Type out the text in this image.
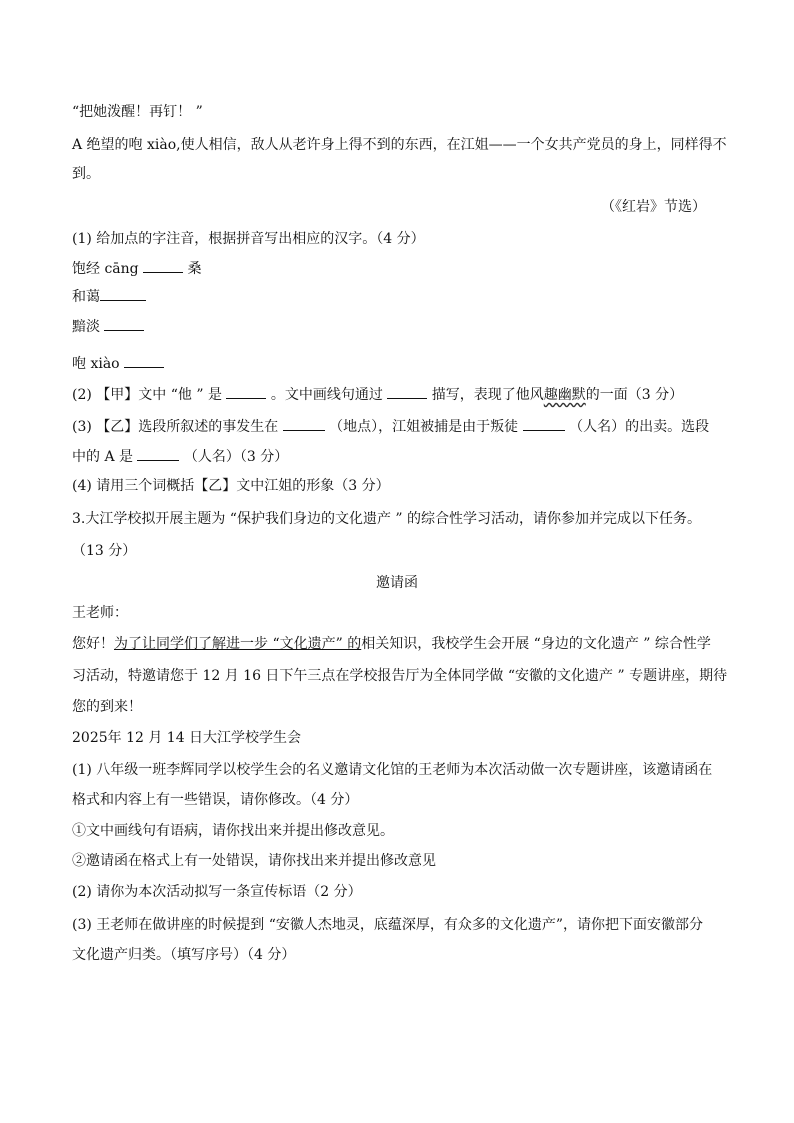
“把她泼醒！再钉！ ”
A 绝望的咆 xiào,使人相信，敌人从老许身上得不到的东西，在江姐——一个女共产党员的身上，同样得不
到。
（《红岩》节选）
(1) 给加点的字注音，根据拼音写出相应的汉字。（4 分）
饱经 cāng	桑
和蔼
黯淡
咆 xiào
(2) 【甲】文中 “他 ” 是	。文中画线句通过	描写，表现了他风趣幽默的一面（3 分）
(3) 【乙】选段所叙述的事发生在	（地点），江姐被捕是由于叛徒	（人名）的出卖。选段
中的 A 是	（人名）（3 分）
(4) 请用三个词概括【乙】文中江姐的形象（3 分）
3.大江学校拟开展主题为 “保护我们身边的文化遗产 ” 的综合性学习活动，请你参加并完成以下任务。
（13 分）
邀请函
王老师：
您好！为了让同学们了解进一步 “文化遗产” 的相关知识，我校学生会开展 “身边的文化遗产 ” 综合性学
习活动，特邀请您于 12 月 16 日下午三点在学校报告厅为全体同学做 “安徽的文化遗产 ” 专题讲座，期待
您的到来！
2025年 12 月 14 日大江学校学生会
(1) 八年级一班李辉同学以校学生会的名义邀请文化馆的王老师为本次活动做一次专题讲座，该邀请函在
格式和内容上有一些错误，请你修改。（4 分）
①文中画线句有语病，请你找出来并提出修改意见。
②邀请函在格式上有一处错误，请你找出来并提出修改意见
(2) 请你为本次活动拟写一条宣传标语（2 分）
(3) 王老师在做讲座的时候提到 “安徽人杰地灵，底蕴深厚，有众多的文化遗产”，请你把下面安徽部分
文化遗产归类。（填写序号）（4 分）
